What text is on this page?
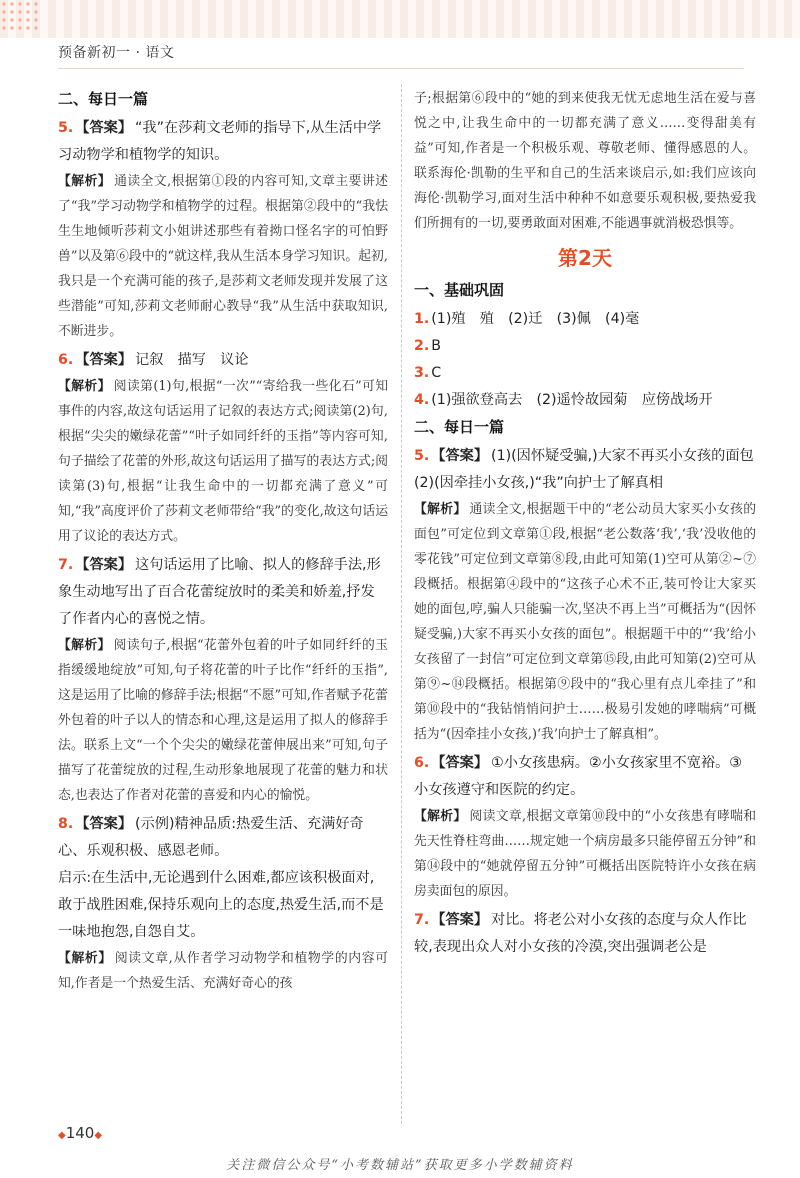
预备新初一 · 语文
二、每日一篇
5. 【答案】 “我”在莎莉文老师的指导下,从生活中学习动物学和植物学的知识。
【解析】 通读全文,根据第①段的内容可知,文章主要讲述了“我”学习动物学和植物学的过程。根据第②段中的“我怯生生地倾听莎莉文小姐讲述那些有着拗口怪名字的可怕野兽”以及第⑥段中的“就这样,我从生活本身学习知识。起初,我只是一个充满可能的孩子,是莎莉文老师发现并发展了这些潜能”可知,莎莉文老师耐心教导“我”从生活中获取知识,不断进步。
6. 【答案】 记叙　描写　议论
【解析】 阅读第(1)句,根据“一次”“寄给我一些化石”可知事件的内容,故这句话运用了记叙的表达方式;阅读第(2)句,根据“尖尖的嫩绿花蕾”“叶子如同纤纤的玉指”等内容可知,句子描绘了花蕾的外形,故这句话运用了描写的表达方式;阅读第(3)句,根据“让我生命中的一切都充满了意义”可知,“我”高度评价了莎莉文老师带给“我”的变化,故这句话运用了议论的表达方式。
7. 【答案】 这句话运用了比喻、拟人的修辞手法,形象生动地写出了百合花蕾绽放时的柔美和娇羞,抒发了作者内心的喜悦之情。
【解析】 阅读句子,根据“花蕾外包着的叶子如同纤纤的玉指缓缓地绽放”可知,句子将花蕾的叶子比作“纤纤的玉指”,这是运用了比喻的修辞手法;根据“不愿”可知,作者赋予花蕾外包着的叶子以人的情态和心理,这是运用了拟人的修辞手法。联系上文“一个个尖尖的嫩绿花蕾伸展出来”可知,句子描写了花蕾绽放的过程,生动形象地展现了花蕾的魅力和状态,也表达了作者对花蕾的喜爱和内心的愉悦。
8. 【答案】 (示例)精神品质:热爱生活、充满好奇心、乐观积极、感恩老师。
启示:在生活中,无论遇到什么困难,都应该积极面对,敢于战胜困难,保持乐观向上的态度,热爱生活,而不是一味地抱怨,自怨自艾。
【解析】 阅读文章,从作者学习动物学和植物学的内容可知,作者是一个热爱生活、充满好奇心的孩
子;根据第⑥段中的“她的到来使我无忧无虑地生活在爱与喜悦之中,让我生命中的一切都充满了意义……变得甜美有益”可知,作者是一个积极乐观、尊敬老师、懂得感恩的人。联系海伦·凯勒的生平和自己的生活来谈启示,如:我们应该向海伦·凯勒学习,面对生活中种种不如意要乐观积极,要热爱我们所拥有的一切,要勇敢面对困难,不能遇事就消极恐惧等。
第2天
一、基础巩固
1. (1)殖　殖　(2)迁　(3)佩　(4)毫
2. B
3. C
4. (1)强欲登高去　(2)遥怜故园菊　应傍战场开
二、每日一篇
5. 【答案】 (1)(因怀疑受骗,)大家不再买小女孩的面包　(2)(因牵挂小女孩,)“我”向护士了解真相
【解析】 通读全文,根据题干中的“老公动员大家买小女孩的面包”可定位到文章第①段,根据“老公数落‘我’,‘我’没收他的零花钱”可定位到文章第⑧段,由此可知第(1)空可从第②~⑦段概括。根据第④段中的“这孩子心术不正,装可怜让大家买她的面包,哼,骗人只能骗一次,坚决不再上当”可概括为“(因怀疑受骗,)大家不再买小女孩的面包”。根据题干中的“‘我’给小女孩留了一封信”可定位到文章第⑮段,由此可知第(2)空可从第⑨~⑭段概括。根据第⑨段中的“我心里有点儿牵挂了”和第⑩段中的“我钻悄悄问护士……极易引发她的哮喘病”可概括为“(因牵挂小女孩,)‘我’向护士了解真相”。
6. 【答案】 ①小女孩患病。②小女孩家里不宽裕。③小女孩遵守和医院的约定。
【解析】 阅读文章,根据文章第⑩段中的“小女孩患有哮喘和先天性脊柱弯曲……规定她一个病房最多只能停留五分钟”和第⑭段中的“她就停留五分钟”可概括出医院特许小女孩在病房卖面包的原因。
7. 【答案】 对比。将老公对小女孩的态度与众人作比较,表现出众人对小女孩的冷漠,突出强调老公是
◆140◆
关注微信公众号“小考数辅站”获取更多小学数辅资料
